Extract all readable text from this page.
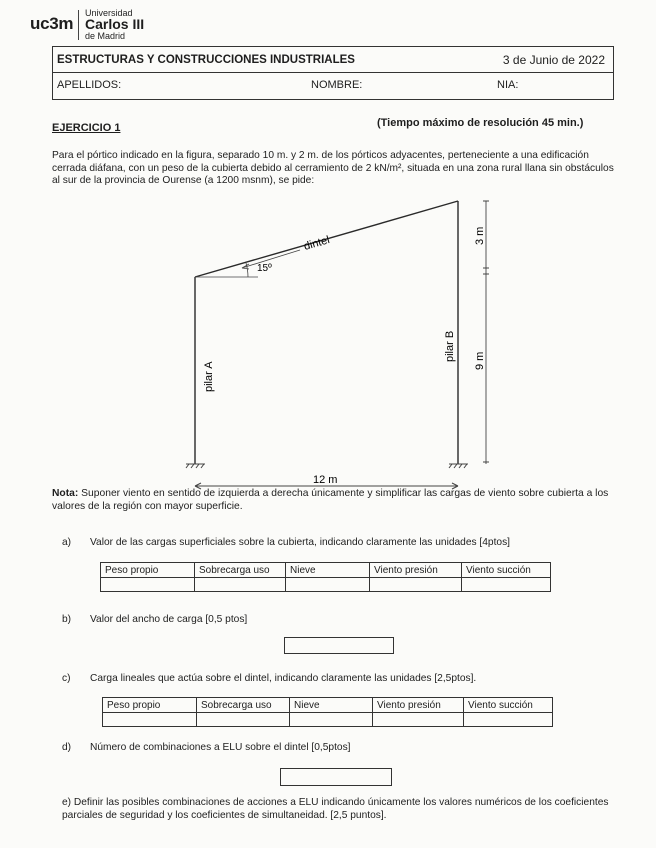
uc3m
Universidad
Carlos III
de Madrid
ESTRUCTURAS Y CONSTRUCCIONES INDUSTRIALES	3 de Junio de 2022
APELLIDOS:	NOMBRE:	NIA:
EJERCICIO 1	(Tiempo máximo de resolución 45 min.)
Para el pórtico indicado en la figura, separado 10 m. y 2 m. de los pórticos adyacentes, perteneciente a una edificación cerrada diáfana, con un peso de la cubierta debido al cerramiento de 2 kN/m², situada en una zona rural llana sin obstáculos al sur de la provincia de Ourense (a 1200 msnm), se pide:
dintel
15º
pilar A
pilar B
3 m
9 m
12 m
Nota: Suponer viento en sentido de izquierda a derecha únicamente y simplificar las cargas de viento sobre cubierta a los valores de la región con mayor superficie.
a) Valor de las cargas superficiales sobre la cubierta, indicando claramente las unidades [4ptos]
Peso propio	Sobrecarga uso	Nieve	Viento presión	Viento succión

b) Valor del ancho de carga [0,5 ptos]
c) Carga lineales que actúa sobre el dintel, indicando claramente las unidades [2,5ptos].
Peso propio	Sobrecarga uso	Nieve	Viento presión	Viento succión

d) Número de combinaciones a ELU sobre el dintel [0,5ptos]
e) Definir las posibles combinaciones de acciones a ELU indicando únicamente los valores numéricos de los coeficientes parciales de seguridad y los coeficientes de simultaneidad. [2,5 puntos].
